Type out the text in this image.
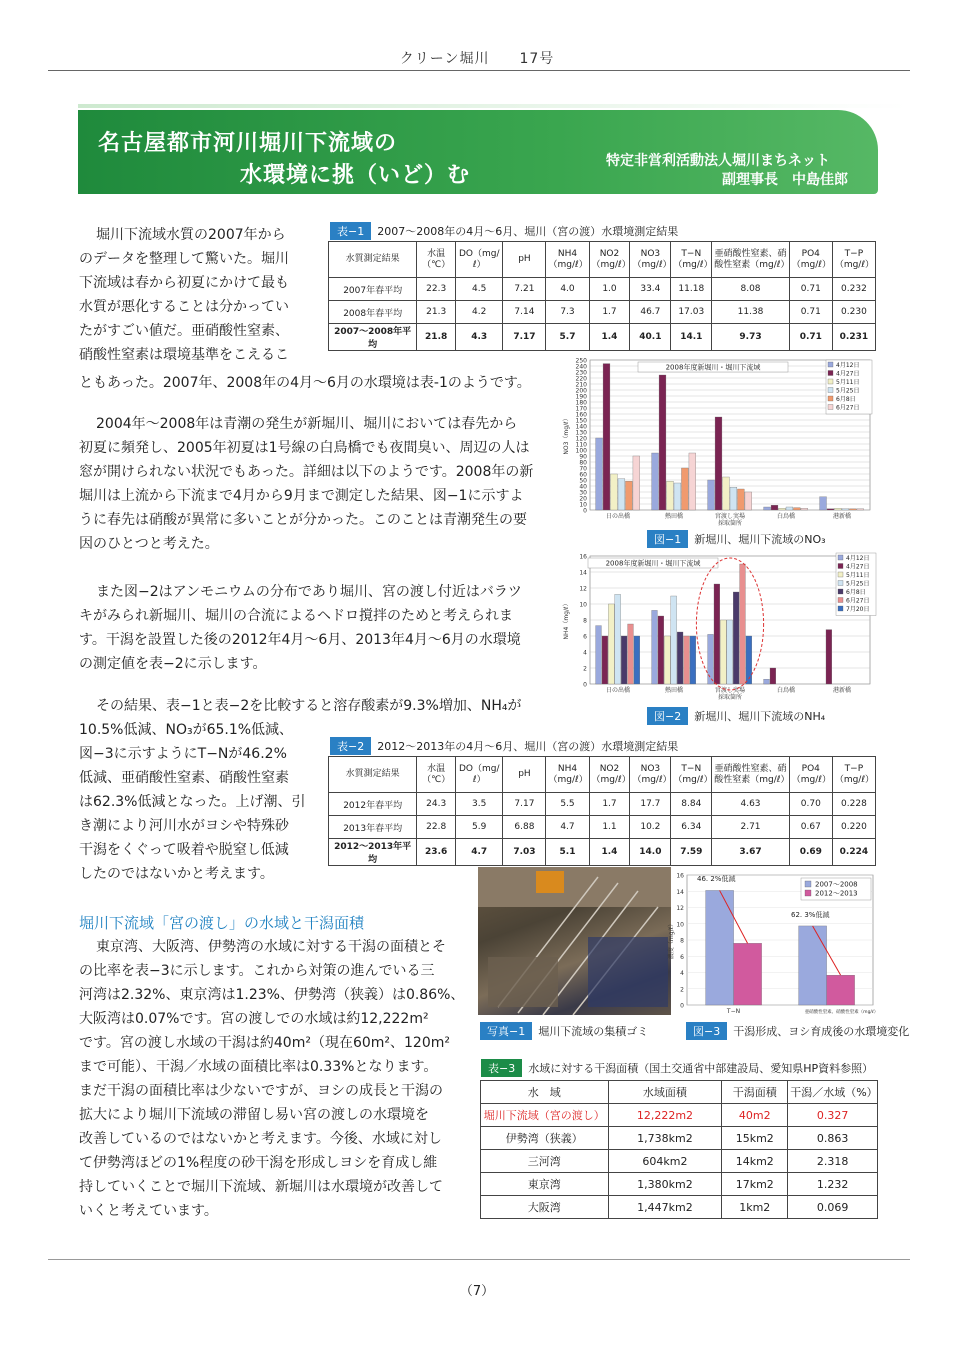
クリーン堀川　　17号
名古屋都市河川堀川下流域の
水環境に挑（いど）む
特定非営利活動法人堀川まちネット
副理事長　中島佳郎
堀川下流域水質の2007年から
のデータを整理して驚いた。堀川
下流域は春から初夏にかけて最も
水質が悪化することは分かってい
たがすごい値だ。亜硝酸性窒素、
硝酸性窒素は環境基準をこえるこ
ともあった。2007年、2008年の4月〜6月の水環境は表-1のようです。
表−1	2007〜2008年の4月〜6月、堀川（宮の渡）水環境測定結果
水質測定結果	水温（℃）	DO（mg/ℓ）	pH	NH4（mg/ℓ）	NO2（mg/ℓ）	NO3（mg/ℓ）	T−N（mg/ℓ）	亜硝酸性窒素、硝酸性窒素（mg/ℓ）	PO4（mg/ℓ）	T−P（mg/ℓ）
2007年春平均	22.3	4.5	7.21	4.0	1.0	33.4	11.18	8.08	0.71	0.232
2008年春平均	21.3	4.2	7.14	7.3	1.7	46.7	17.03	11.38	0.71	0.230
2007〜2008年平均	21.8	4.3	7.17	5.7	1.4	40.1	14.1	9.73	0.71	0.231
2004年〜2008年は青潮の発生が新堀川、堀川においては春先から
初夏に頻発し、2005年初夏は1号線の白鳥橋でも夜間臭い、周辺の人は
窓が開けられない状況でもあった。詳細は以下のようです。2008年の新
堀川は上流から下流まで4月から9月まで測定した結果、図−1に示すよ
うに春先は硝酸が異常に多いことが分かった。このことは青潮発生の要
因のひとつと考えた。
また図−2はアンモニウムの分布であり堀川、宮の渡し付近はバラツ
キがみられ新堀川、堀川の合流によるヘドロ撹拌のためと考えられま
す。干潟を設置した後の2012年4月〜6月、2013年4月〜6月の水環境
の測定値を表−2に示します。
その結果、表−1と表−2を比較すると溶存酸素が9.3%増加、NH₄が
10.5%低減、NO₃が65.1%低減、
図−3に示すようにT−Nが46.2%
低減、亜硝酸性窒素、硝酸性窒素
は62.3%低減となった。上げ潮、引
き潮により河川水がヨシや特殊砂
干潟をくぐって吸着や脱窒し低減
したのではないかと考えます。
0
10
20
30
40
50
60
70
80
90
100
110
120
130
140
150
160
170
180
190
200
210
220
230
240
250
NO3（mg/ℓ）
日の出橋	熱田橋	宮渡し実場	白鳥橋	港新橋
採取箇所
2008年度新堀川・堀川下流域	4月12日
4月27日
5月11日
5月25日
6月8日
6月27日
図−1	新堀川、堀川下流域のNO₃
0
2
4
6
8
10
12
14
16
NH4（mg/ℓ）
日の出橋	熱田橋	宮渡し実場	白鳥橋	港新橋
採取箇所
2008年度新堀川・堀川下流域
4月12日
4月27日
5月11日
5月25日
6月8日
6月27日
7月20日
図−2	新堀川、堀川下流域のNH₄
表−2	2012〜2013年の4月〜6月、堀川（宮の渡）水環境測定結果
水質測定結果	水温（℃）	DO（mg/ℓ）	pH	NH4（mg/ℓ）	NO2（mg/ℓ）	NO3（mg/ℓ）	T−N（mg/ℓ）	亜硝酸性窒素、硝酸性窒素（mg/ℓ）	PO4（mg/ℓ）	T−P（mg/ℓ）
2012年春平均	24.3	3.5	7.17	5.5	1.7	17.7	8.84	4.63	0.70	0.228
2013年春平均	22.8	5.9	6.88	4.7	1.1	10.2	6.34	2.71	0.67	0.220
2012〜2013年平均	23.6	4.7	7.03	5.1	1.4	14.0	7.59	3.67	0.69	0.224
堀川下流域「宮の渡し」の水域と干潟面積
東京湾、大阪湾、伊勢湾の水域に対する干潟の面積とそ
の比率を表−3に示します。これから対策の進んでいる三
河湾は2.32%、東京湾は1.23%、伊勢湾（狭義）は0.86%、
大阪湾は0.07%です。宮の渡しでの水域は約12,222m²
です。宮の渡し水域の干潟は約40m²（現在60m²、120m²
まで可能）、干潟／水域の面積比率は0.33%となります。
まだ干潟の面積比率は少ないですが、ヨシの成長と干潟の
拡大により堀川下流域の滞留し易い宮の渡しの水環境を
改善しているのではないかと考えます。今後、水域に対し
て伊勢湾ほどの1%程度の砂干潟を形成しヨシを育成し維
持していくことで堀川下流域、新堀川は水環境が改善して
いくと考えています。
写真−1	堀川下流域の集積ゴミ
0
2
4
6
8
10
12
14
16
濃度（mg/ℓ）
T−N	亜硝酸性窒素、硝酸性窒素（mg/ℓ）
46. 2%低減
62. 3%低減
2007〜2008
2012〜2013
図−3	干潟形成、ヨシ育成後の水環境変化
表−3	水域に対する干潟面積（国土交通省中部建設局、愛知県HP資料参照）
水　域	水域面積	干潟面積	干潟／水域（%）
堀川下流域（宮の渡し）	12,222m2	40m2	0.327
伊勢湾（狭義）	1,738km2	15km2	0.863
三河湾	604km2	14km2	2.318
東京湾	1,380km2	17km2	1.232
大阪湾	1,447km2	1km2	0.069
（7）
